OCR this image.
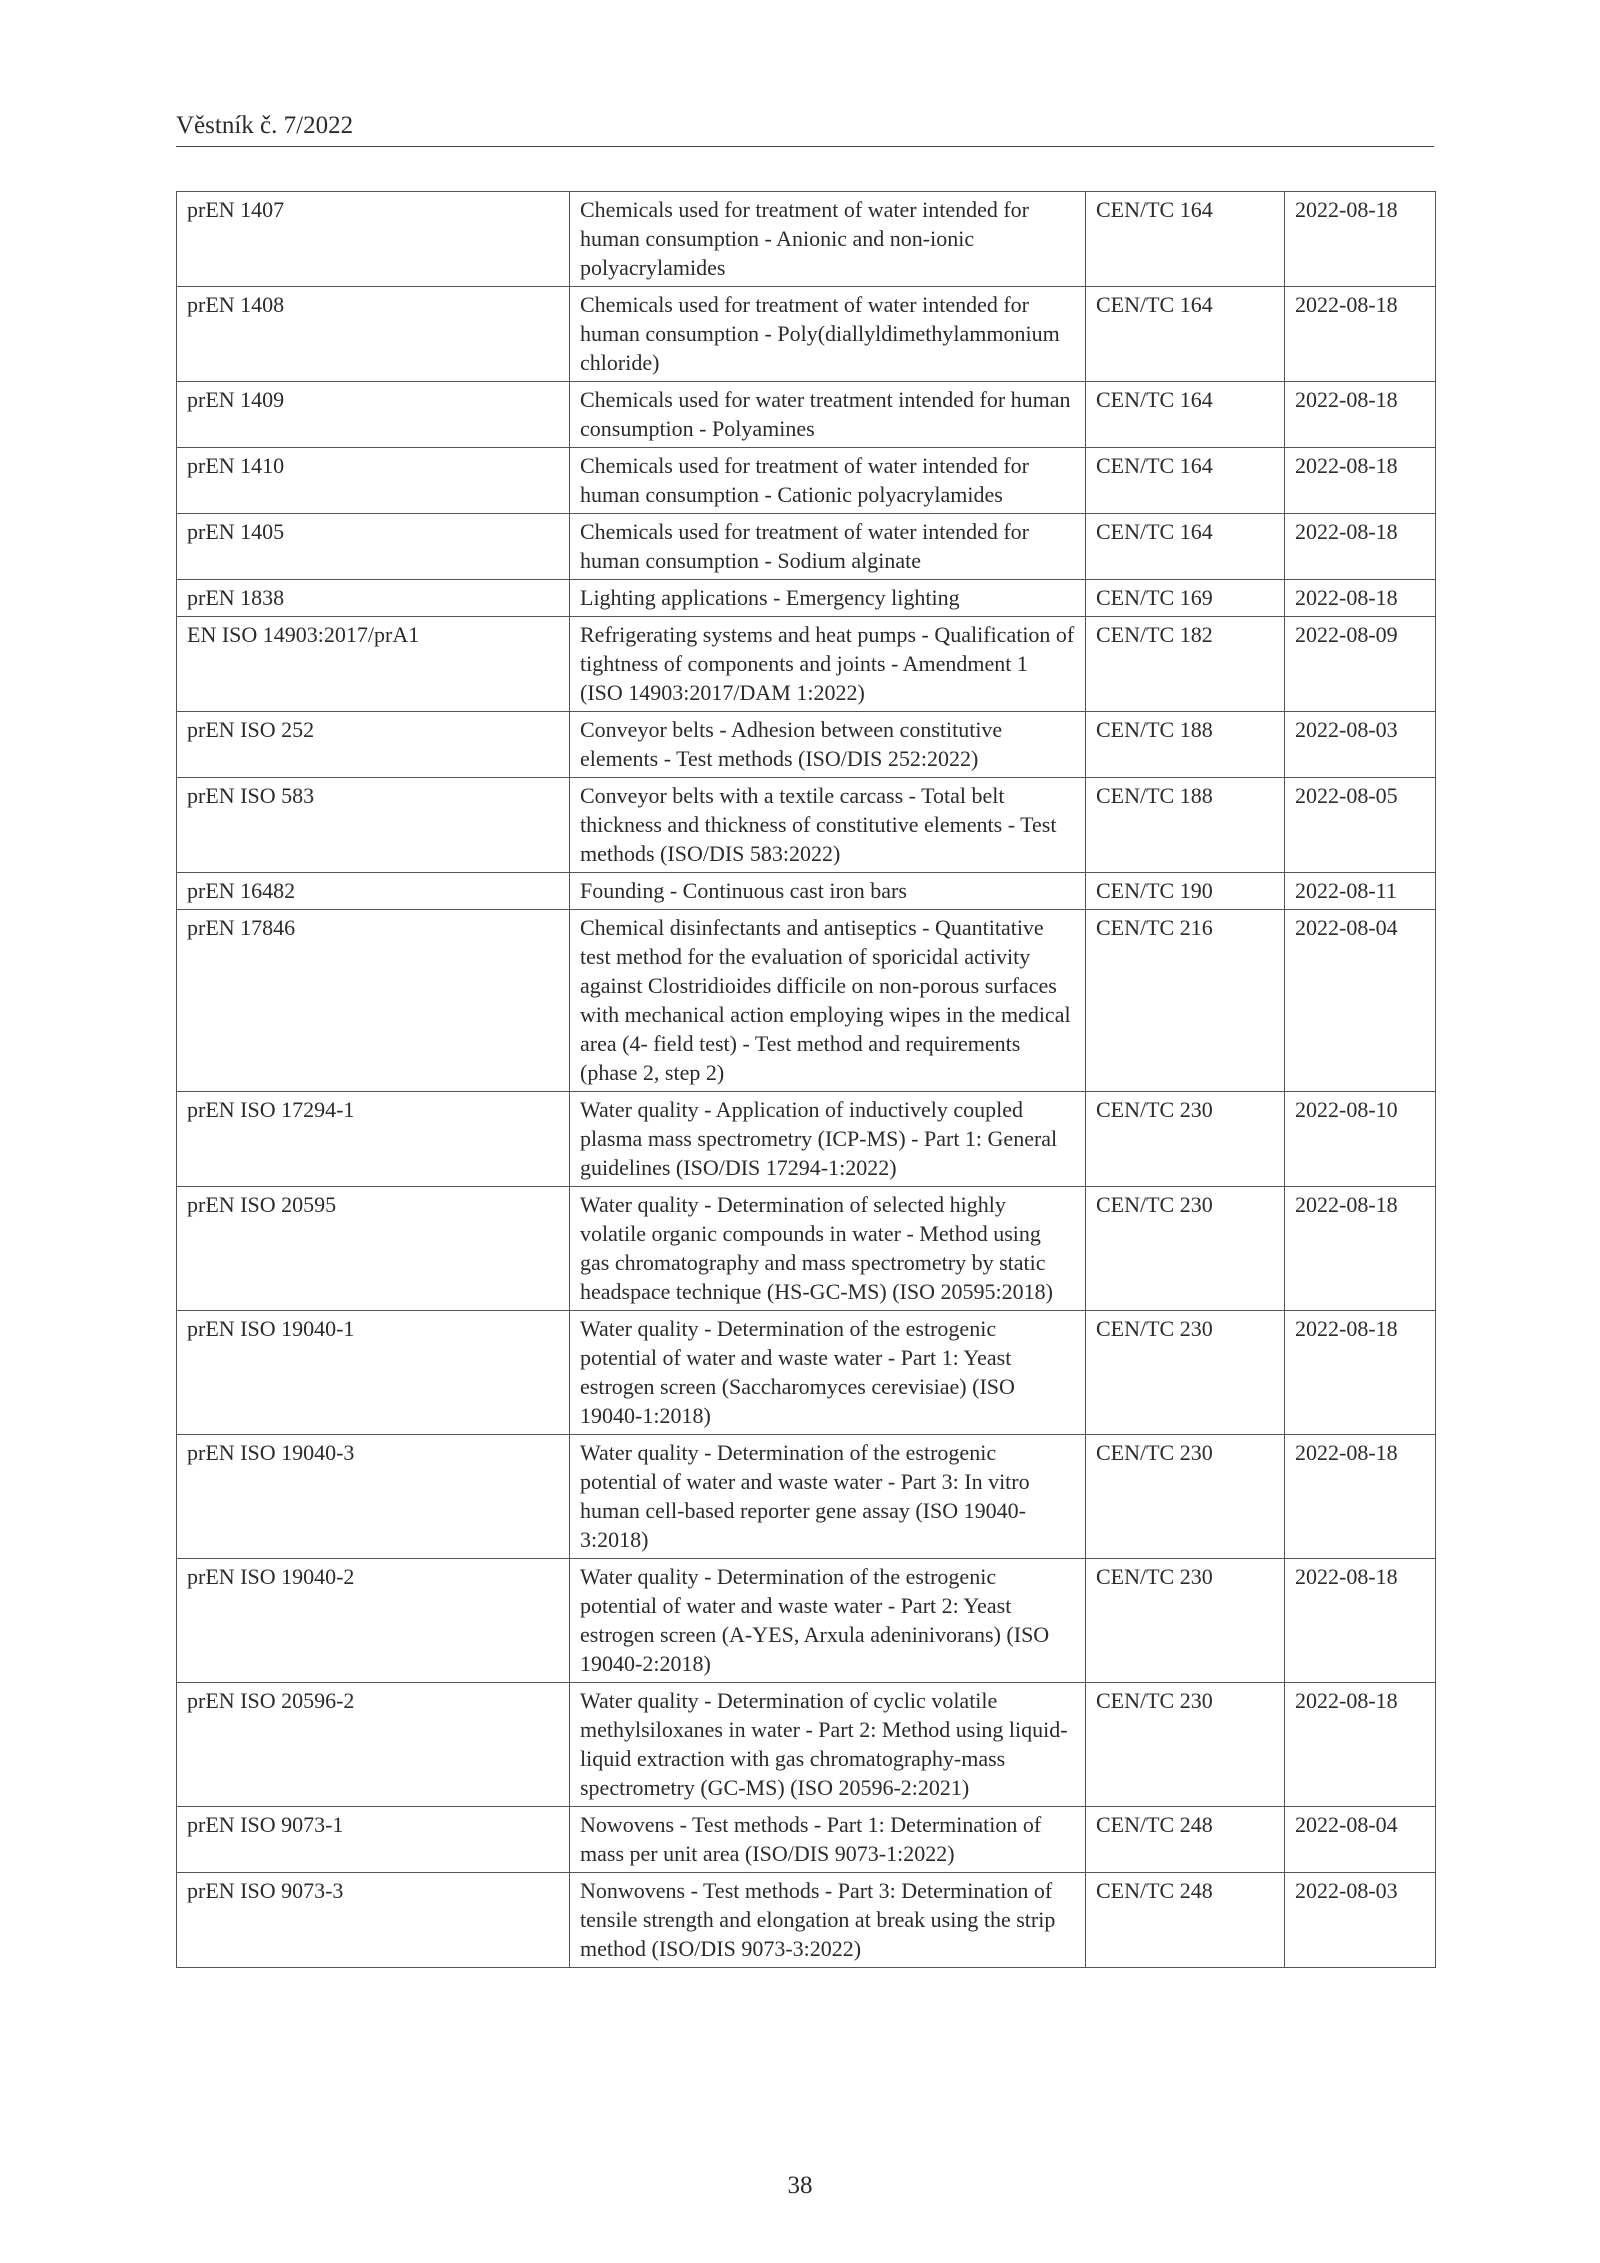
Věstník č. 7/2022
prEN 1407	Chemicals used for treatment of water intended for human consumption - Anionic and non-ionic polyacrylamides	CEN/TC 164	2022-08-18
prEN 1408	Chemicals used for treatment of water intended for human consumption - Poly(diallyldimethylammonium chloride)	CEN/TC 164	2022-08-18
prEN 1409	Chemicals used for water treatment intended for human consumption - Polyamines	CEN/TC 164	2022-08-18
prEN 1410	Chemicals used for treatment of water intended for human consumption - Cationic polyacrylamides	CEN/TC 164	2022-08-18
prEN 1405	Chemicals used for treatment of water intended for human consumption - Sodium alginate	CEN/TC 164	2022-08-18
prEN 1838	Lighting applications - Emergency lighting	CEN/TC 169	2022-08-18
EN ISO 14903:2017/prA1	Refrigerating systems and heat pumps - Qualification of tightness of components and joints - Amendment 1 (ISO 14903:2017/DAM 1:2022)	CEN/TC 182	2022-08-09
prEN ISO 252	Conveyor belts - Adhesion between constitutive elements - Test methods (ISO/DIS 252:2022)	CEN/TC 188	2022-08-03
prEN ISO 583	Conveyor belts with a textile carcass - Total belt thickness and thickness of constitutive elements - Test methods (ISO/DIS 583:2022)	CEN/TC 188	2022-08-05
prEN 16482	Founding - Continuous cast iron bars	CEN/TC 190	2022-08-11
prEN 17846	Chemical disinfectants and antiseptics - Quantitative test method for the evaluation of sporicidal activity against Clostridioides difficile on non-porous surfaces with mechanical action employing wipes in the medical area (4- field test) - Test method and requirements (phase 2, step 2)	CEN/TC 216	2022-08-04
prEN ISO 17294-1	Water quality - Application of inductively coupled plasma mass spectrometry (ICP-MS) - Part 1: General guidelines (ISO/DIS 17294-1:2022)	CEN/TC 230	2022-08-10
prEN ISO 20595	Water quality - Determination of selected highly volatile organic compounds in water - Method using gas chromatography and mass spectrometry by static headspace technique (HS-GC-MS) (ISO 20595:2018)	CEN/TC 230	2022-08-18
prEN ISO 19040-1	Water quality - Determination of the estrogenic potential of water and waste water - Part 1: Yeast estrogen screen (Saccharomyces cerevisiae) (ISO 19040-1:2018)	CEN/TC 230	2022-08-18
prEN ISO 19040-3	Water quality - Determination of the estrogenic potential of water and waste water - Part 3: In vitro human cell-based reporter gene assay (ISO 19040-3:2018)	CEN/TC 230	2022-08-18
prEN ISO 19040-2	Water quality - Determination of the estrogenic potential of water and waste water - Part 2: Yeast estrogen screen (A-YES, Arxula adeninivorans) (ISO 19040-2:2018)	CEN/TC 230	2022-08-18
prEN ISO 20596-2	Water quality - Determination of cyclic volatile methylsiloxanes in water - Part 2: Method using liquid-liquid extraction with gas chromatography-mass spectrometry (GC-MS) (ISO 20596-2:2021)	CEN/TC 230	2022-08-18
prEN ISO 9073-1	Nowovens - Test methods - Part 1: Determination of mass per unit area (ISO/DIS 9073-1:2022)	CEN/TC 248	2022-08-04
prEN ISO 9073-3	Nonwovens - Test methods - Part 3: Determination of tensile strength and elongation at break using the strip method (ISO/DIS 9073-3:2022)	CEN/TC 248	2022-08-03
38
